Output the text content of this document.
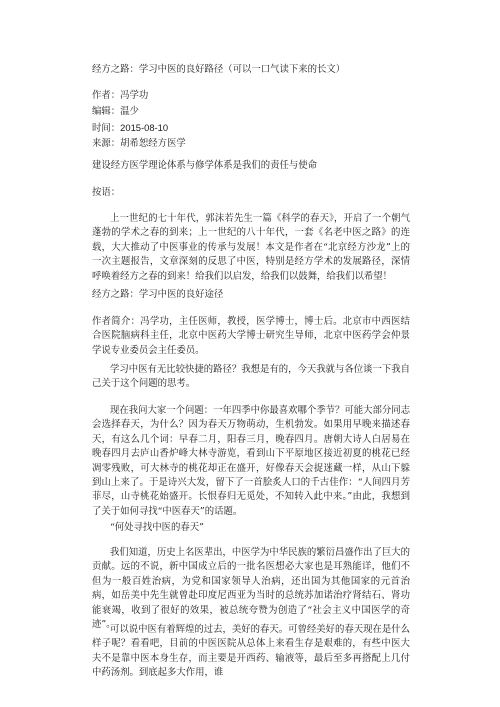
经方之路：学习中医的良好路径（可以一口气读下来的长文）

作者：冯学功

编辑：温少

时间：2015-08-10

来源：胡希恕经方医学

建设经方医学理论体系与修学体系是我们的责任与使命

按语：

上一世纪的七十年代，郭沫若先生一篇《科学的春天》，开启了一个朝气蓬勃的学术之春的到来；上一世纪的八十年代，一套《名老中医之路》的连载，大大推动了中医事业的传承与发展！本文是作者在“北京经方沙龙”上的一次主题报告，文章深刻的反思了中医，特别是经方学术的发展路径，深情呼唤着经方之春的到来！给我们以启发，给我们以鼓舞，给我们以希望！

经方之路：学习中医的良好途径

作者简介：冯学功，主任医师，教授，医学博士，博士后。北京市中西医结合医院脑病科主任，北京中医药大学博士研究生导师，北京中医药学会仲景学说专业委员会主任委员。

学习中医有无比较快捷的路径？我想是有的，今天我就与各位谈一下我自己关于这个问题的思考。

现在我问大家一个问题：一年四季中你最喜欢哪个季节？可能大部分同志会选择春天，为什么？因为春天万物萌动，生机勃发。如果用早晚来描述春天，有这么几个词：早春二月，阳春三月，晚春四月。唐朝大诗人白居易在晚春四月去庐山香炉峰大林寺游览，看到山下平原地区接近初夏的桃花已经凋零残败，可大林寺的桃花却正在盛开，好像春天会捉迷藏一样，从山下躲到山上来了。于是诗兴大发，留下了一首脍炙人口的千古佳作：“人间四月芳菲尽，山寺桃花始盛开。长恨春归无觅处，不知转入此中来。”由此，我想到了关于如何寻找“中医春天”的话题。

“何处寻找中医的春天”

我们知道，历史上名医辈出，中医学为中华民族的繁衍昌盛作出了巨大的贡献。远的不说，新中国成立后的一批名医想必大家也是耳熟能详，他们不但为一般百姓治病，为党和国家领导人治病，还出国为其他国家的元首治病，如岳美中先生就曾赴印度尼西亚为当时的总统苏加诺治疗肾结石、肾功能衰竭，收到了很好的效果，被总统夸赞为创造了“社会主义中国医学的奇迹”。

可以说中医有着辉煌的过去，美好的春天。可曾经美好的春天现在是什么样子呢？看看吧，目前的中医医院从总体上来看生存是艰难的，有些中医大夫不是靠中医本身生存，而主要是开西药、输液等，最后至多再搭配上几付中药汤剂。到底起多大作用，谁
